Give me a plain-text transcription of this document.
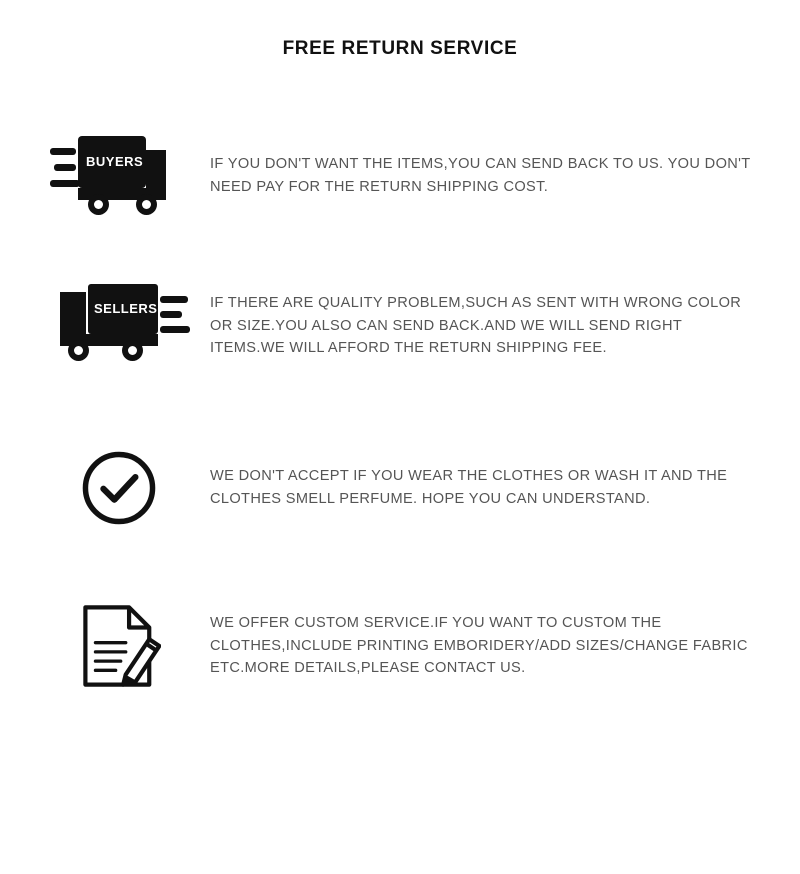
FREE RETURN SERVICE
BUYERS	IF YOU DON'T WANT THE ITEMS,YOU CAN SEND BACK TO US. YOU DON'T NEED PAY FOR THE RETURN SHIPPING COST.
SELLERS	IF THERE ARE QUALITY PROBLEM,SUCH AS SENT WITH WRONG COLOR OR SIZE.YOU ALSO CAN SEND BACK.AND WE WILL SEND RIGHT ITEMS.WE WILL AFFORD THE RETURN SHIPPING FEE.
WE DON'T ACCEPT IF YOU WEAR THE CLOTHES OR WASH IT AND THE CLOTHES SMELL PERFUME. HOPE YOU CAN UNDERSTAND.
WE OFFER CUSTOM SERVICE.IF YOU WANT TO CUSTOM THE CLOTHES,INCLUDE PRINTING EMBORIDERY/ADD SIZES/CHANGE FABRIC ETC.MORE DETAILS,PLEASE CONTACT US.
